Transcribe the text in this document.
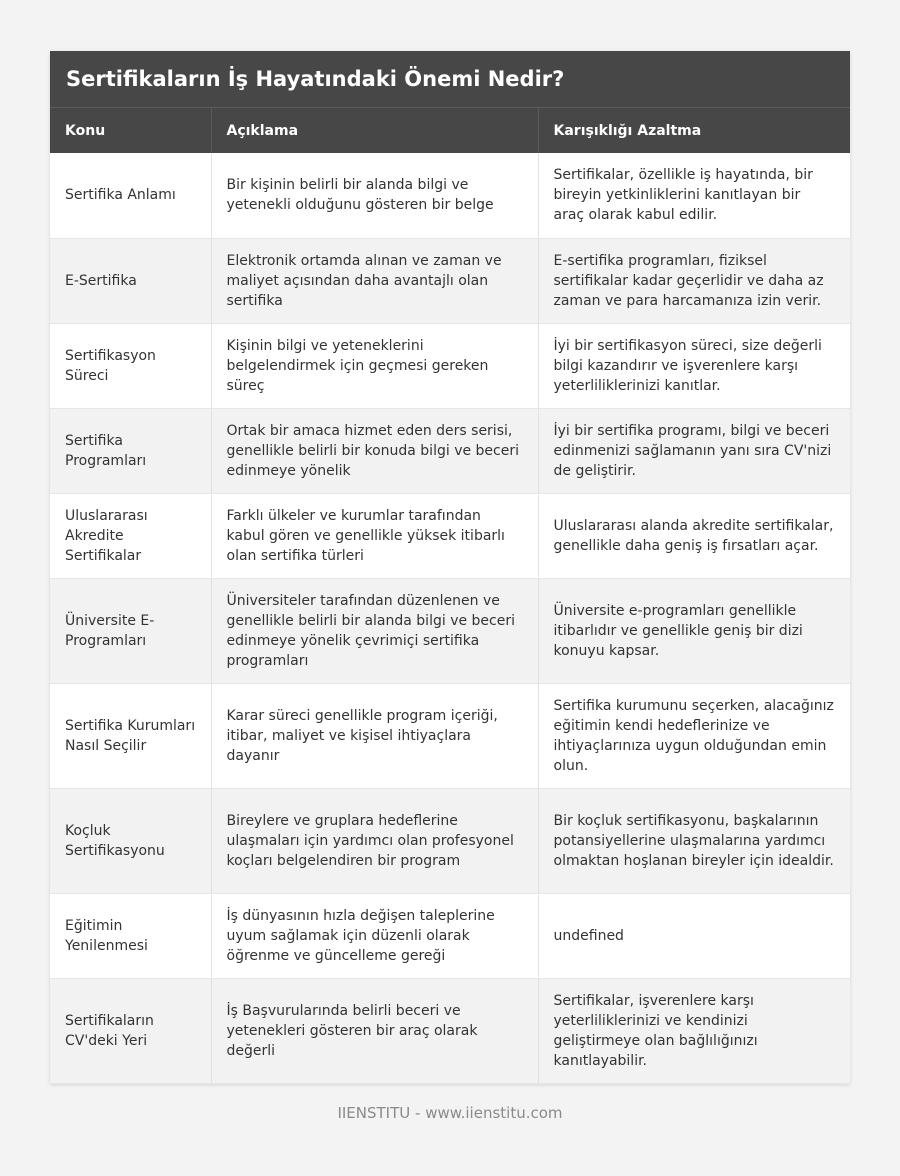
Sertifikaların İş Hayatındaki Önemi Nedir?
Konu	Açıklama	Karışıklığı Azaltma
Sertifika Anlamı	Bir kişinin belirli bir alanda bilgi ve yetenekli olduğunu gösteren bir belge	Sertifikalar, özellikle iş hayatında, bir bireyin yetkinliklerini kanıtlayan bir araç olarak kabul edilir.
E-Sertifika	Elektronik ortamda alınan ve zaman ve maliyet açısından daha avantajlı olan sertifika	E-sertifika programları, fiziksel sertifikalar kadar geçerlidir ve daha az zaman ve para harcamanıza izin verir.
Sertifikasyon Süreci	Kişinin bilgi ve yeteneklerini belgelendirmek için geçmesi gereken süreç	İyi bir sertifikasyon süreci, size değerli bilgi kazandırır ve işverenlere karşı yeterliliklerinizi kanıtlar.
Sertifika Programları	Ortak bir amaca hizmet eden ders serisi, genellikle belirli bir konuda bilgi ve beceri edinmeye yönelik	İyi bir sertifika programı, bilgi ve beceri edinmenizi sağlamanın yanı sıra CV'nizi de geliştirir.
Uluslararası Akredite Sertifikalar	Farklı ülkeler ve kurumlar tarafından kabul gören ve genellikle yüksek itibarlı olan sertifika türleri	Uluslararası alanda akredite sertifikalar, genellikle daha geniş iş fırsatları açar.
Üniversite E-Programları	Üniversiteler tarafından düzenlenen ve genellikle belirli bir alanda bilgi ve beceri edinmeye yönelik çevrimiçi sertifika programları	Üniversite e-programları genellikle itibarlıdır ve genellikle geniş bir dizi konuyu kapsar.
Sertifika Kurumları Nasıl Seçilir	Karar süreci genellikle program içeriği, itibar, maliyet ve kişisel ihtiyaçlara dayanır	Sertifika kurumunu seçerken, alacağınız eğitimin kendi hedeflerinize ve ihtiyaçlarınıza uygun olduğundan emin olun.
Koçluk Sertifikasyonu	Bireylere ve gruplara hedeflerine ulaşmaları için yardımcı olan profesyonel koçları belgelendiren bir program	Bir koçluk sertifikasyonu, başkalarının potansiyellerine ulaşmalarına yardımcı olmaktan hoşlanan bireyler için idealdir.
Eğitimin Yenilenmesi	İş dünyasının hızla değişen taleplerine uyum sağlamak için düzenli olarak öğrenme ve güncelleme gereği	undefined
Sertifikaların CV'deki Yeri	İş Başvurularında belirli beceri ve yetenekleri gösteren bir araç olarak değerli	Sertifikalar, işverenlere karşı yeterliliklerinizi ve kendinizi geliştirmeye olan bağlılığınızı kanıtlayabilir.
IIENSTITU - www.iienstitu.com
